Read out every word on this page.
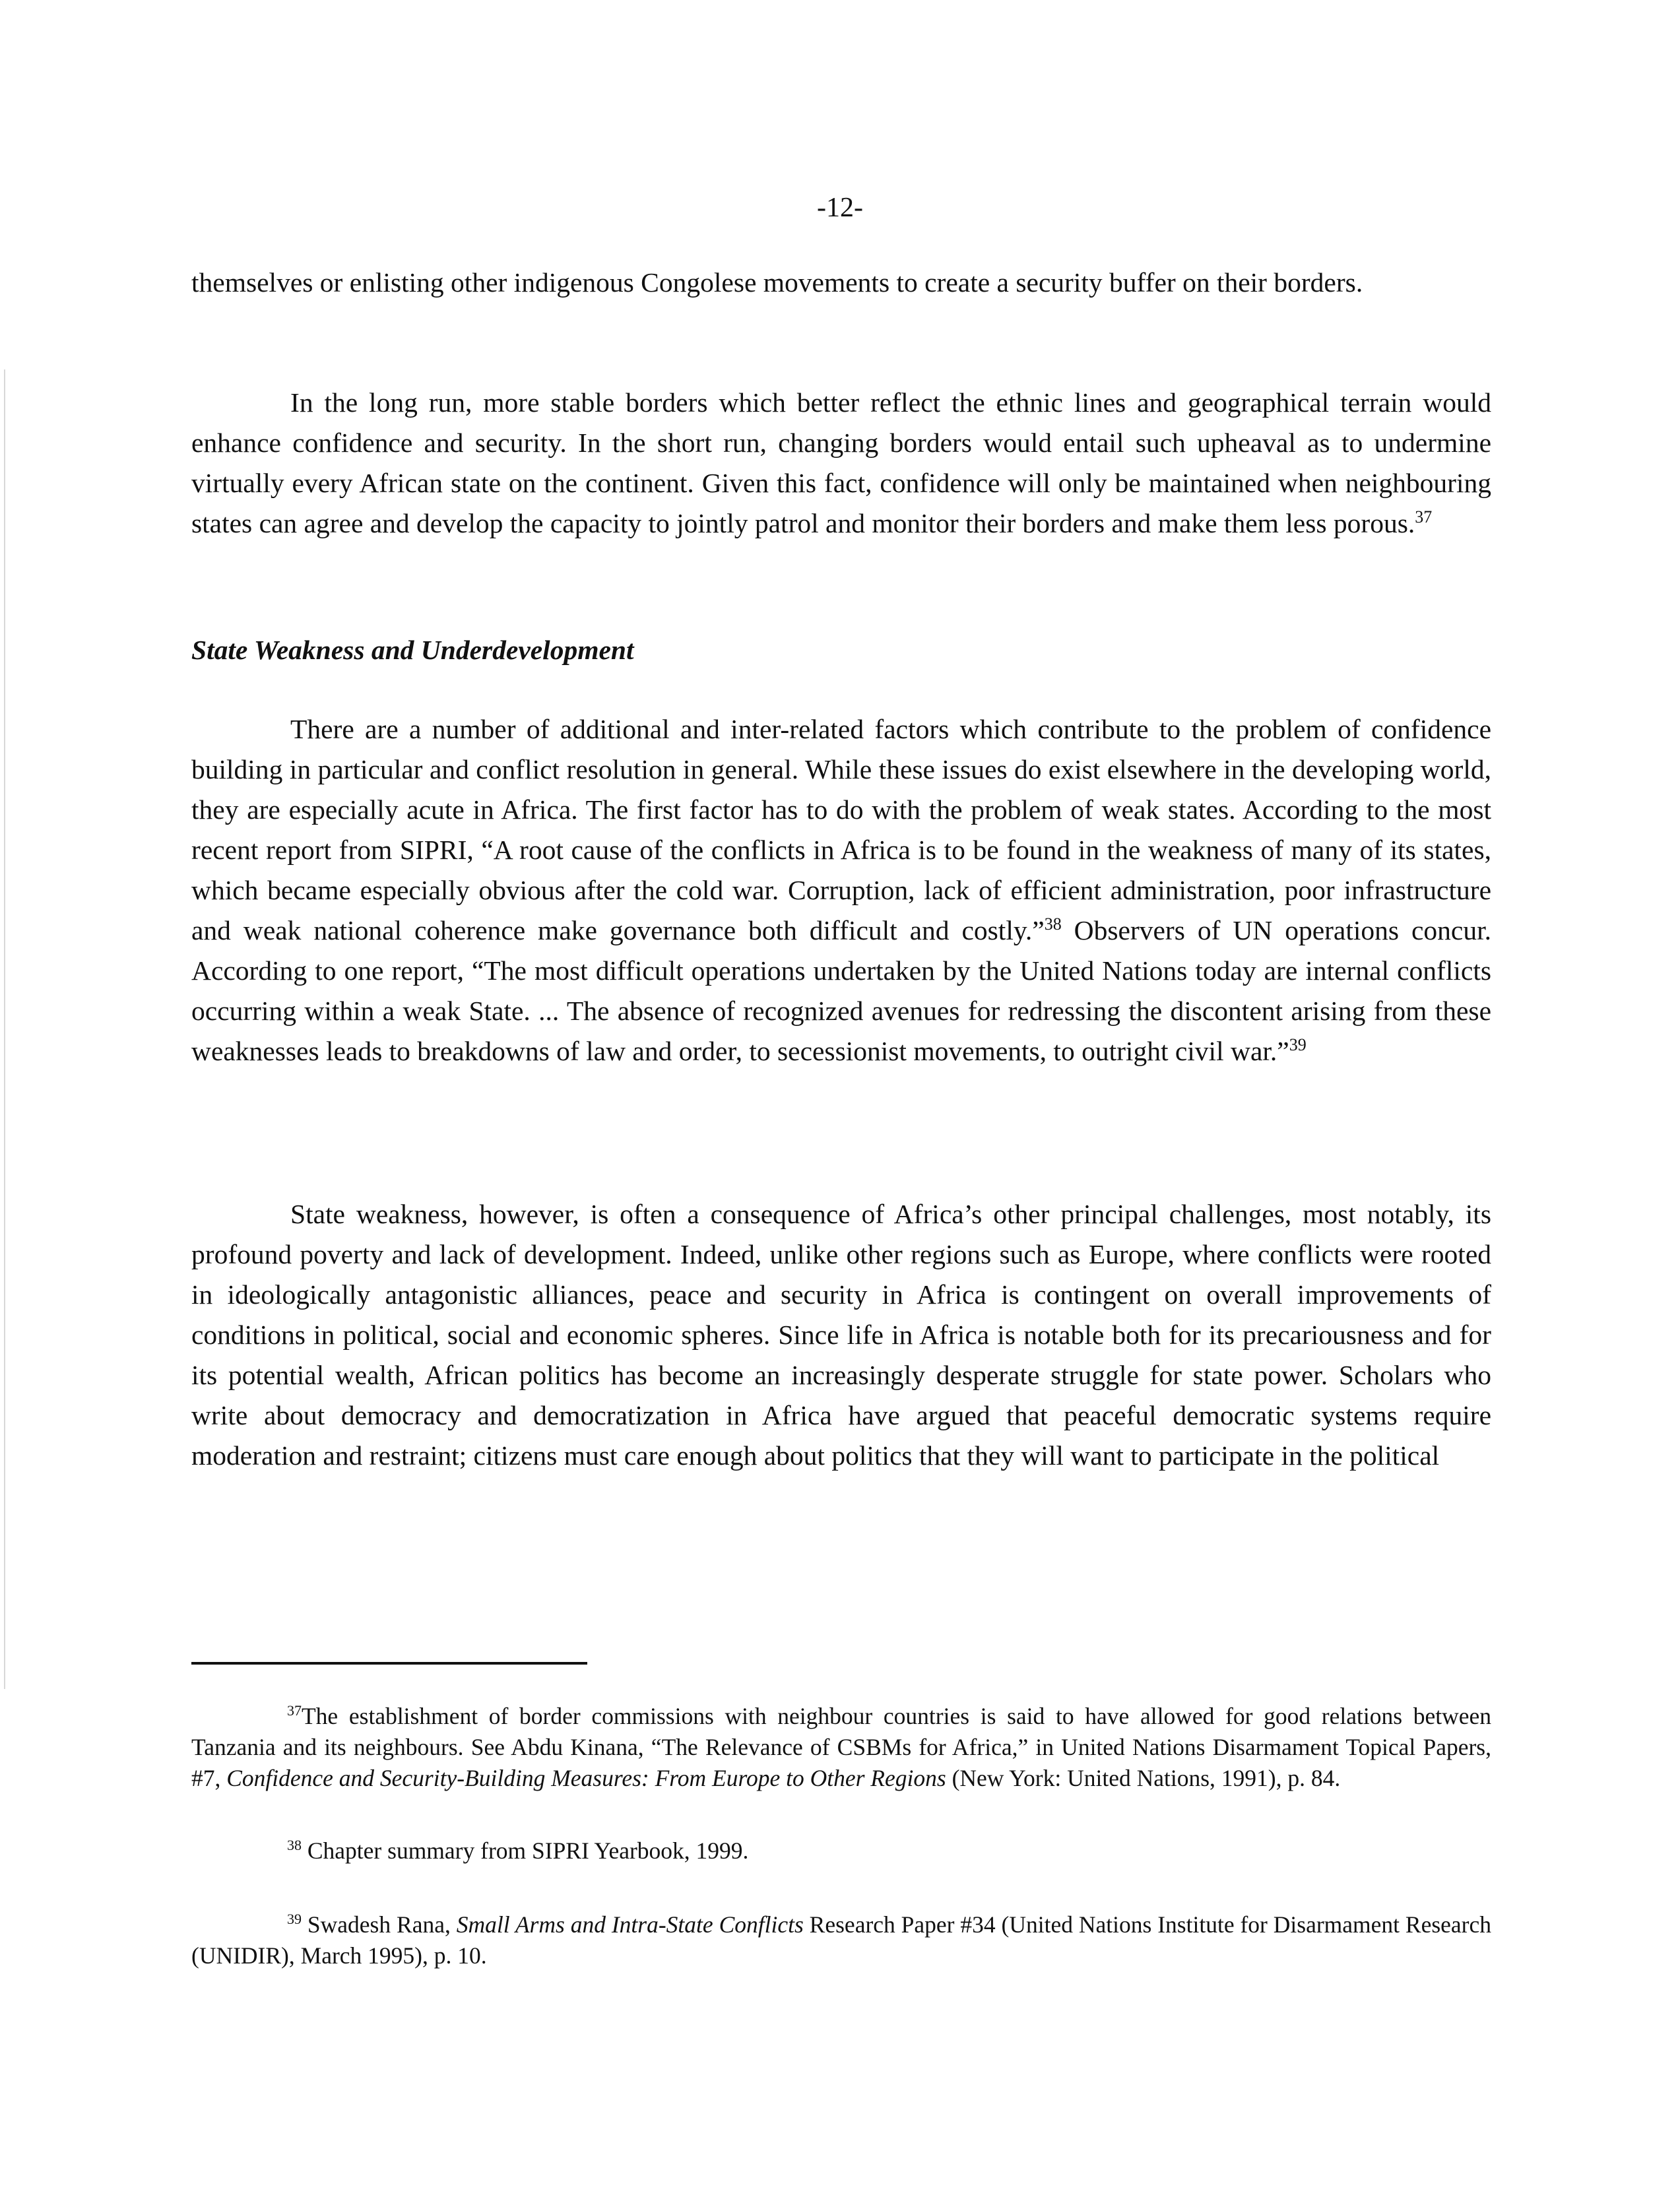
-12-

themselves or enlisting other indigenous Congolese movements to create a security buffer on their borders.

In the long run, more stable borders which better reflect the ethnic lines and geographical terrain would enhance confidence and security. In the short run, changing borders would entail such upheaval as to undermine virtually every African state on the continent. Given this fact, confidence will only be maintained when neighbouring states can agree and develop the capacity to jointly patrol and monitor their borders and make them less porous.$^{37}$

State Weakness and Underdevelopment

There are a number of additional and inter-related factors which contribute to the problem of confidence building in particular and conflict resolution in general. While these issues do exist elsewhere in the developing world, they are especially acute in Africa. The first factor has to do with the problem of weak states. According to the most recent report from SIPRI, “A root cause of the conflicts in Africa is to be found in the weakness of many of its states, which became especially obvious after the cold war. Corruption, lack of efficient administration, poor infrastructure and weak national coherence make governance both difficult and costly.”$^{38}$ Observers of UN operations concur. According to one report, “The most difficult operations undertaken by the United Nations today are internal conflicts occurring within a weak State. ... The absence of recognized avenues for redressing the discontent arising from these weaknesses leads to breakdowns of law and order, to secessionist movements, to outright civil war.”$^{39}$

State weakness, however, is often a consequence of Africa’s other principal challenges, most notably, its profound poverty and lack of development. Indeed, unlike other regions such as Europe, where conflicts were rooted in ideologically antagonistic alliances, peace and security in Africa is contingent on overall improvements of conditions in political, social and economic spheres. Since life in Africa is notable both for its precariousness and for its potential wealth, African politics has become an increasingly desperate struggle for state power. Scholars who write about democracy and democratization in Africa have argued that peaceful democratic systems require moderation and restraint; citizens must care enough about politics that they will want to participate in the political

$^{37}$The establishment of border commissions with neighbour countries is said to have allowed for good relations between Tanzania and its neighbours. See Abdu Kinana, “The Relevance of CSBMs for Africa,” in United Nations Disarmament Topical Papers, #7, Confidence and Security-Building Measures: From Europe to Other Regions (New York: United Nations, 1991), p. 84.

$^{38}$ Chapter summary from SIPRI Yearbook, 1999.

$^{39}$ Swadesh Rana, Small Arms and Intra-State Conflicts Research Paper #34 (United Nations Institute for Disarmament Research (UNIDIR), March 1995), p. 10.
